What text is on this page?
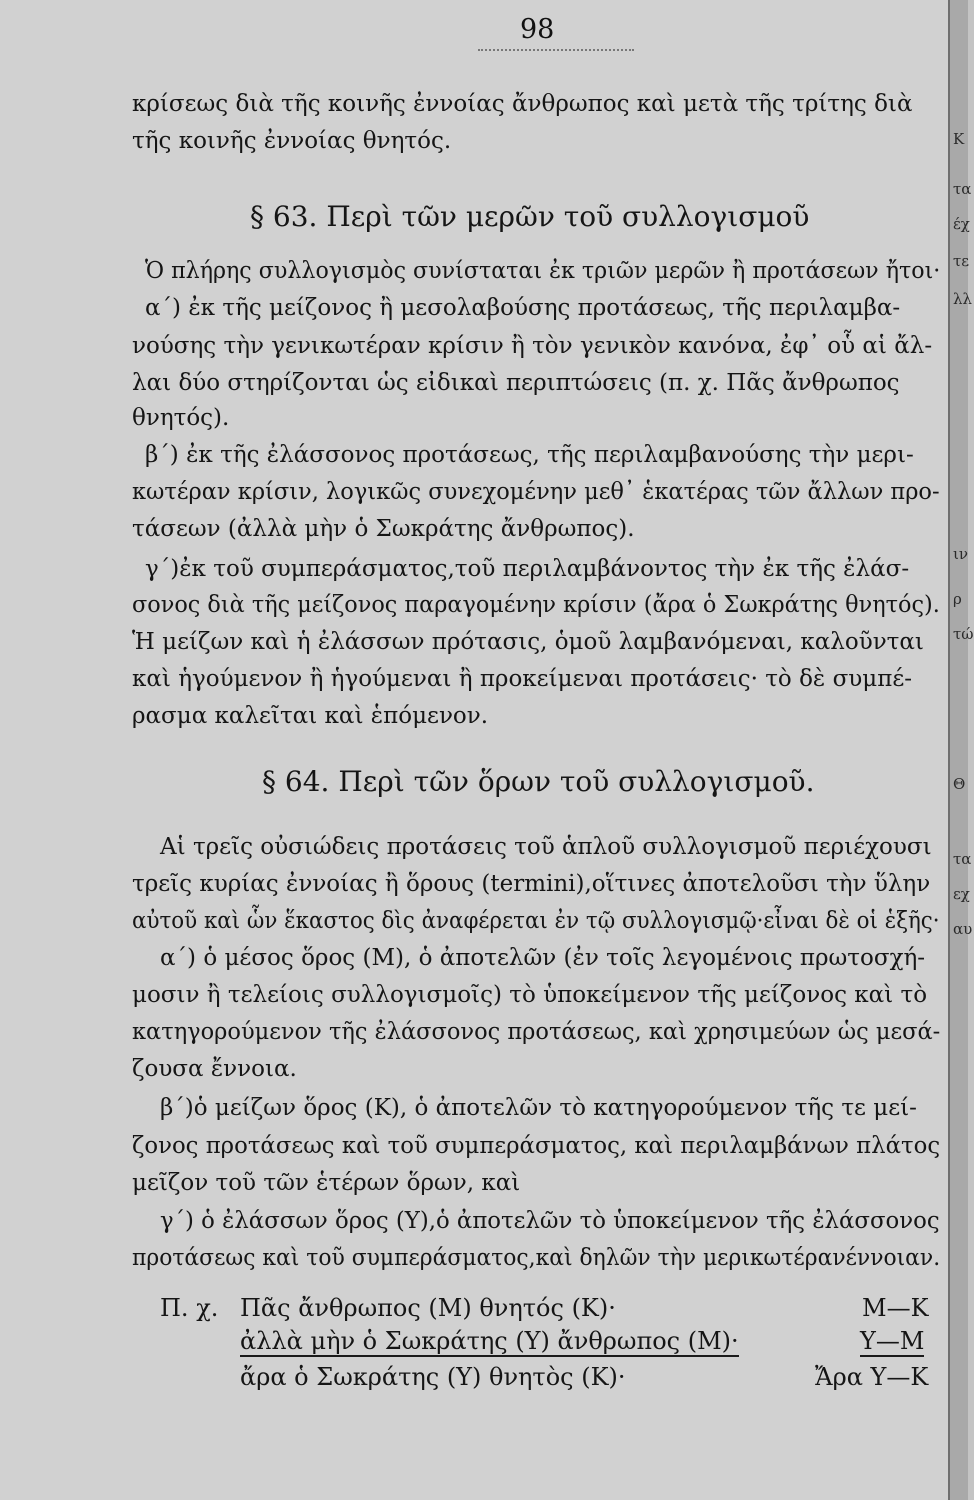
98
κρίσεως διὰ τῆς κοινῆς ἐννοίας ἄνθρωπος καὶ μετὰ τῆς τρίτης διὰ
τῆς κοινῆς ἐννοίας θνητός.
§ 63. Περὶ τῶν μερῶν τοῦ συλλογισμοῦ
Ὁ πλήρης συλλογισμὸς συνίσταται ἐκ τριῶν μερῶν ἢ προτάσεων ἤτοι·
α΄) ἐκ τῆς μείζονος ἢ μεσολαβούσης προτάσεως, τῆς περιλαμβα-
νούσης τὴν γενικωτέραν κρίσιν ἢ τὸν γενικὸν κανόνα, ἐφ᾽ οὗ αἱ ἄλ-
λαι δύο στηρίζονται ὡς εἰδικαὶ περιπτώσεις (π. χ. Πᾶς ἄνθρωπος
θνητός).
β΄) ἐκ τῆς ἐλάσσονος προτάσεως, τῆς περιλαμβανούσης τὴν μερι-
κωτέραν κρίσιν, λογικῶς συνεχομένην μεθ᾽ ἑκατέρας τῶν ἄλλων προ-
τάσεων (ἀλλὰ μὴν ὁ Σωκράτης ἄνθρωπος).
γ΄)ἐκ τοῦ συμπεράσματος,τοῦ περιλαμβάνοντος τὴν ἐκ τῆς ἐλάσ-
σονος διὰ τῆς μείζονος παραγομένην κρίσιν (ἄρα ὁ Σωκράτης θνητός).
Ἡ μείζων καὶ ἡ ἐλάσσων πρότασις, ὁμοῦ λαμβανόμεναι, καλοῦνται
καὶ ἡγούμενον ἢ ἡγούμεναι ἢ προκείμεναι προτάσεις· τὸ δὲ συμπέ-
ρασμα καλεῖται καὶ ἑπόμενον.
§ 64. Περὶ τῶν ὅρων τοῦ συλλογισμοῦ.
Αἱ τρεῖς οὐσιώδεις προτάσεις τοῦ ἁπλοῦ συλλογισμοῦ περιέχουσι
τρεῖς κυρίας ἐννοίας ἢ ὅρους (termini),οἵτινες ἀποτελοῦσι τὴν ὕλην
αὐτοῦ καὶ ὧν ἕκαστος δὶς ἀναφέρεται ἐν τῷ συλλογισμῷ·εἶναι δὲ οἱ ἑξῆς·
α΄) ὁ μέσος ὅρος (Μ), ὁ ἀποτελῶν (ἐν τοῖς λεγομένοις πρωτοσχή-
μοσιν ἢ τελείοις συλλογισμοῖς) τὸ ὑποκείμενον τῆς μείζονος καὶ τὸ
κατηγορούμενον τῆς ἐλάσσονος προτάσεως, καὶ χρησιμεύων ὡς μεσά-
ζουσα ἔννοια.
β΄)ὁ μείζων ὅρος (Κ), ὁ ἀποτελῶν τὸ κατηγορούμενον τῆς τε μεί-
ζονος προτάσεως καὶ τοῦ συμπεράσματος, καὶ περιλαμβάνων πλάτος
μεῖζον τοῦ τῶν ἑτέρων ὅρων, καὶ
γ΄) ὁ ἐλάσσων ὅρος (Υ),ὁ ἀποτελῶν τὸ ὑποκείμενον τῆς ἐλάσσονος
προτάσεως καὶ τοῦ συμπεράσματος,καὶ δηλῶν τὴν μερικωτέρανέννοιαν.
Π. χ. Πᾶς ἄνθρωπος (Μ) θνητός (Κ)·	Μ—Κ
ἀλλὰ μὴν ὁ Σωκράτης (Υ) ἄνθρωπος (Μ)·	Υ—Μ
ἄρα ὁ Σωκράτης (Υ) θνητὸς (Κ)·	Ἄρα Υ—Κ
Κ
τα
έχ
τε
λλ
ιν
ρ
τώ
Θ
τα
εχ
αυ
